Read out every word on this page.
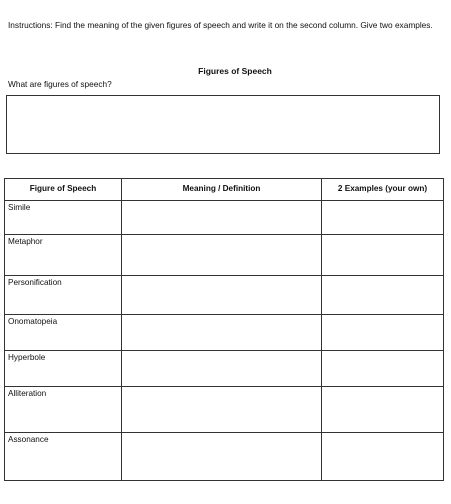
Instructions: Find the meaning of the given figures of speech and write it on the second column. Give two examples.
Figures of Speech
What are figures of speech?
Figure of Speech	Meaning / Definition	2 Examples (your own)
Simile		
Metaphor		
Personification		
Onomatopeia		
Hyperbole		
Alliteration		
Assonance		
